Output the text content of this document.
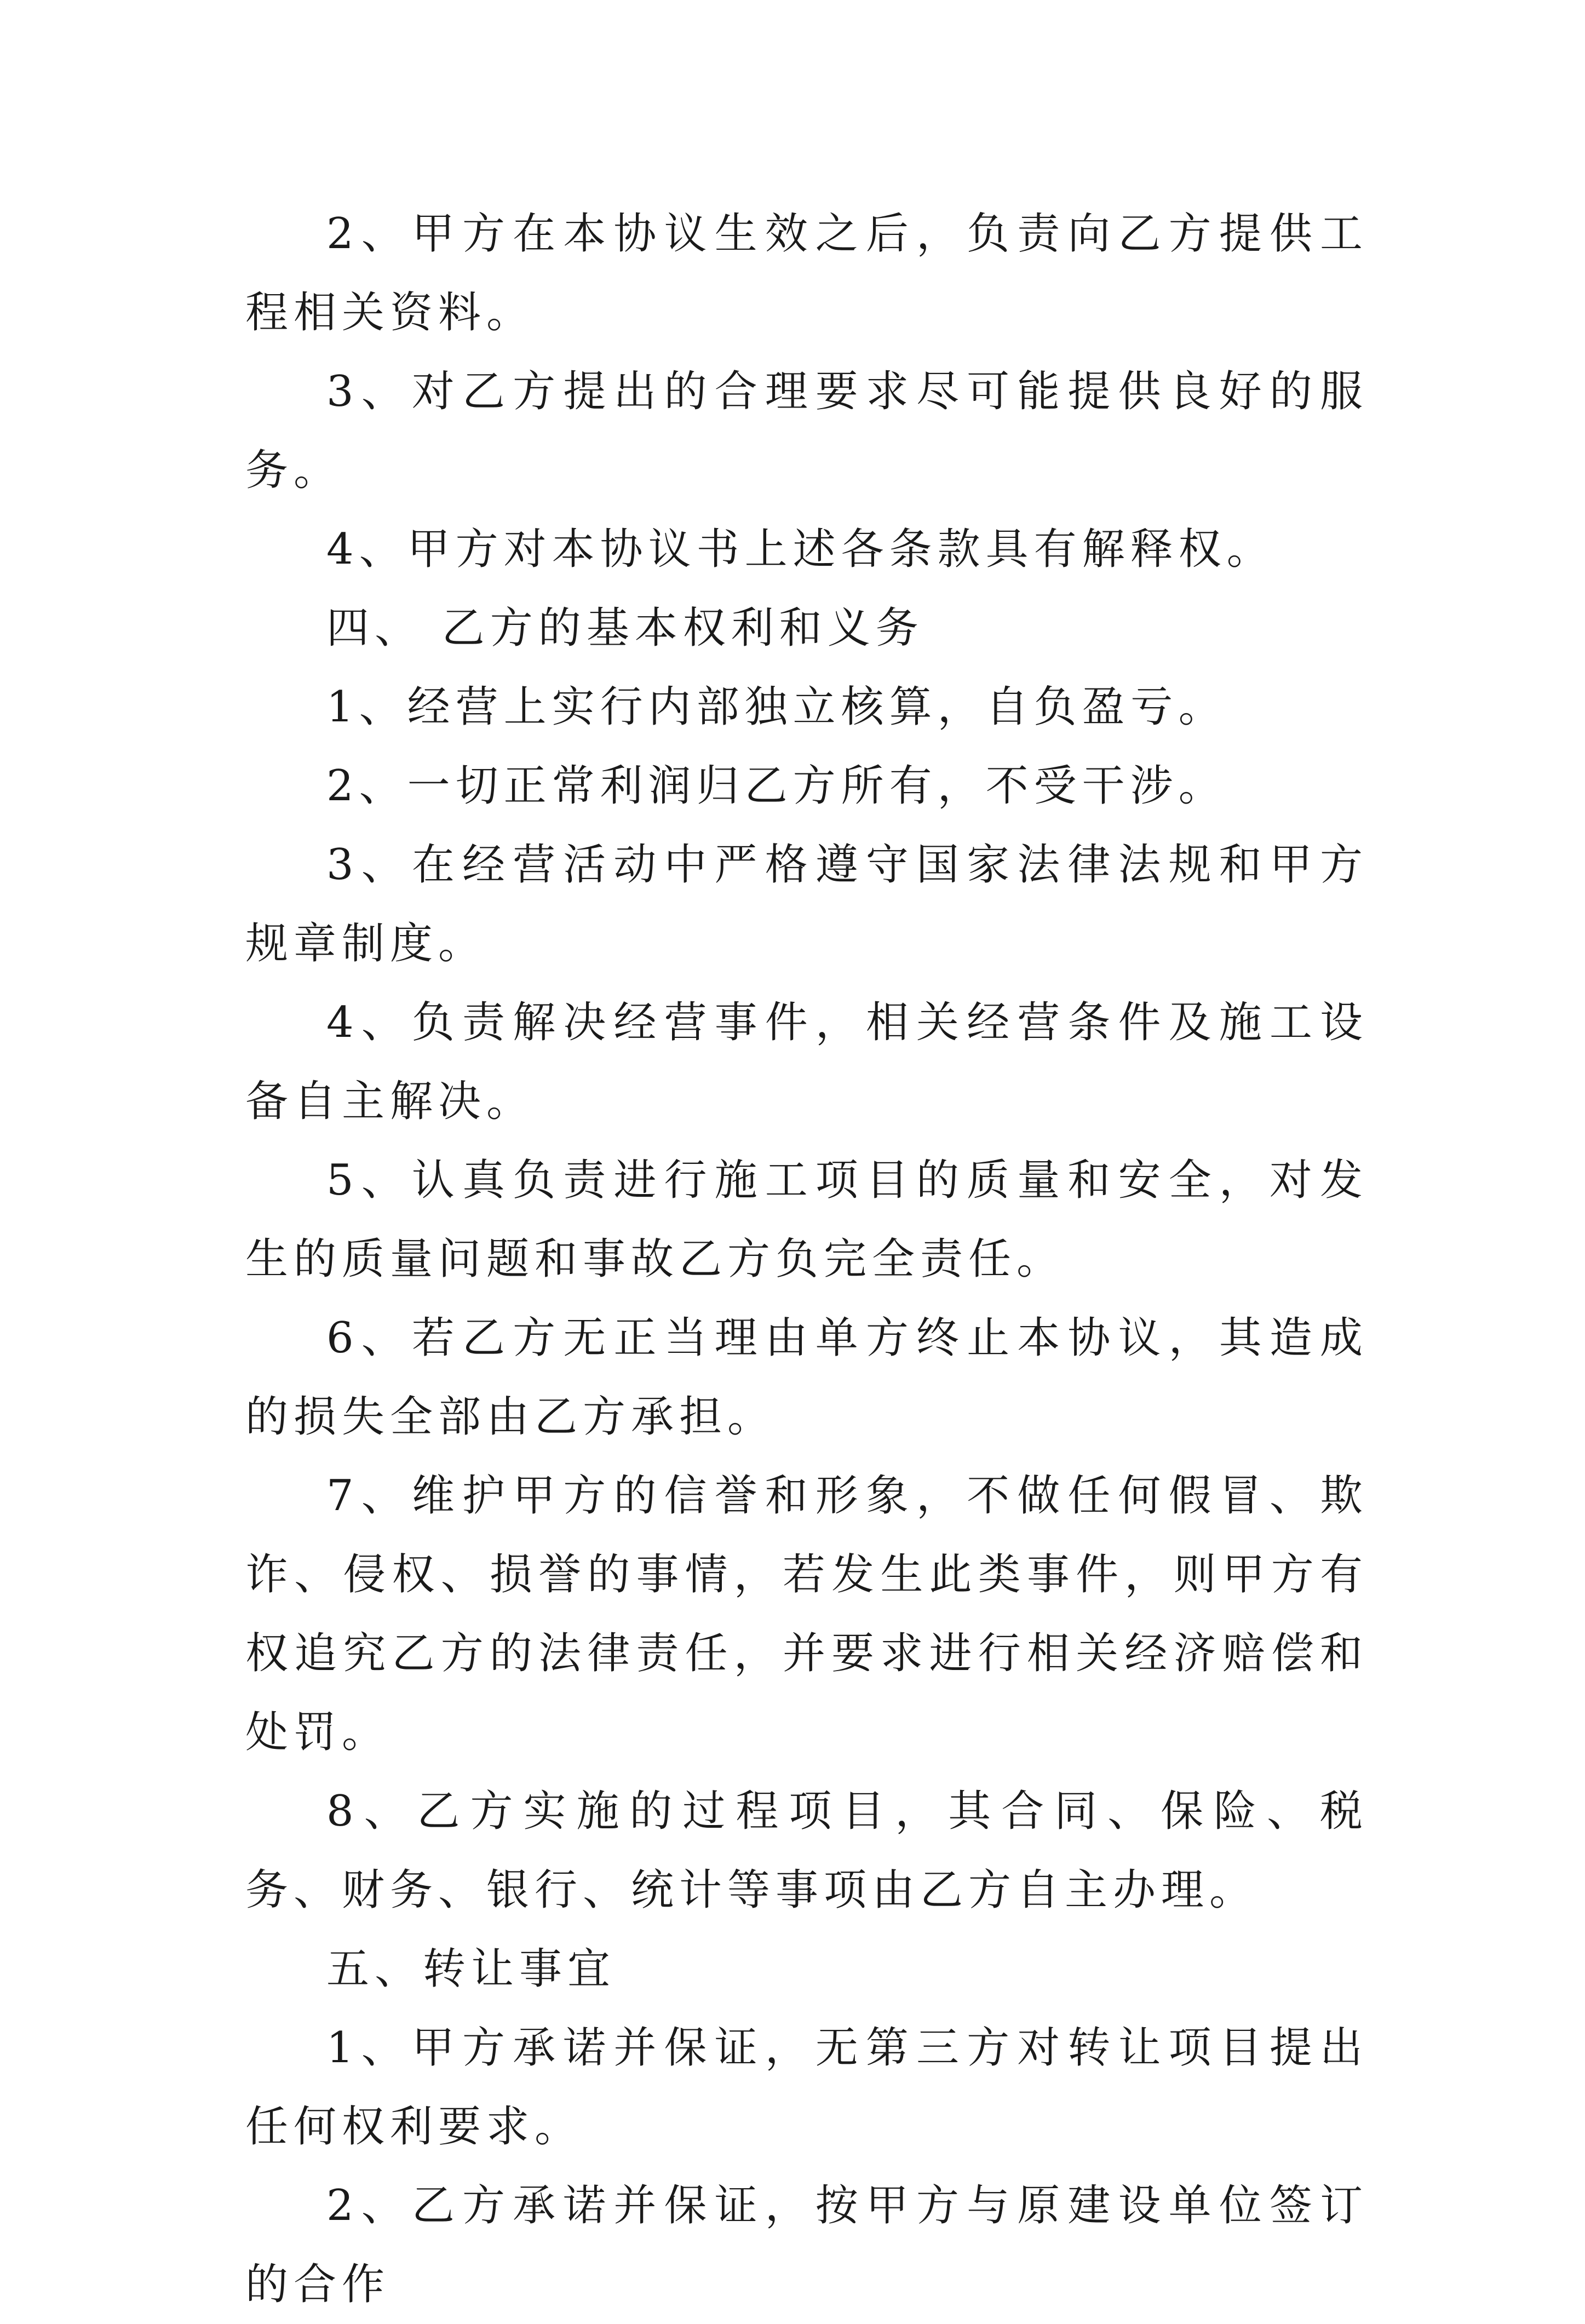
2、甲方在本协议生效之后，负责向乙方提供工程相关资料。

3、对乙方提出的合理要求尽可能提供良好的服务。

4、甲方对本协议书上述各条款具有解释权。

四、 乙方的基本权利和义务

1、经营上实行内部独立核算，自负盈亏。

2、一切正常利润归乙方所有，不受干涉。

3、在经营活动中严格遵守国家法律法规和甲方规章制度。

4、负责解决经营事件，相关经营条件及施工设备自主解决。

5、认真负责进行施工项目的质量和安全，对发生的质量问题和事故乙方负完全责任。

6、若乙方无正当理由单方终止本协议，其造成的损失全部由乙方承担。

7、维护甲方的信誉和形象，不做任何假冒、欺诈、侵权、损誉的事情，若发生此类事件，则甲方有权追究乙方的法律责任，并要求进行相关经济赔偿和处罚。

8、乙方实施的过程项目，其合同、保险、税务、财务、银行、统计等事项由乙方自主办理。

五、转让事宜

1、甲方承诺并保证，无第三方对转让项目提出任何权利要求。

2、乙方承诺并保证，按甲方与原建设单位签订的合作
